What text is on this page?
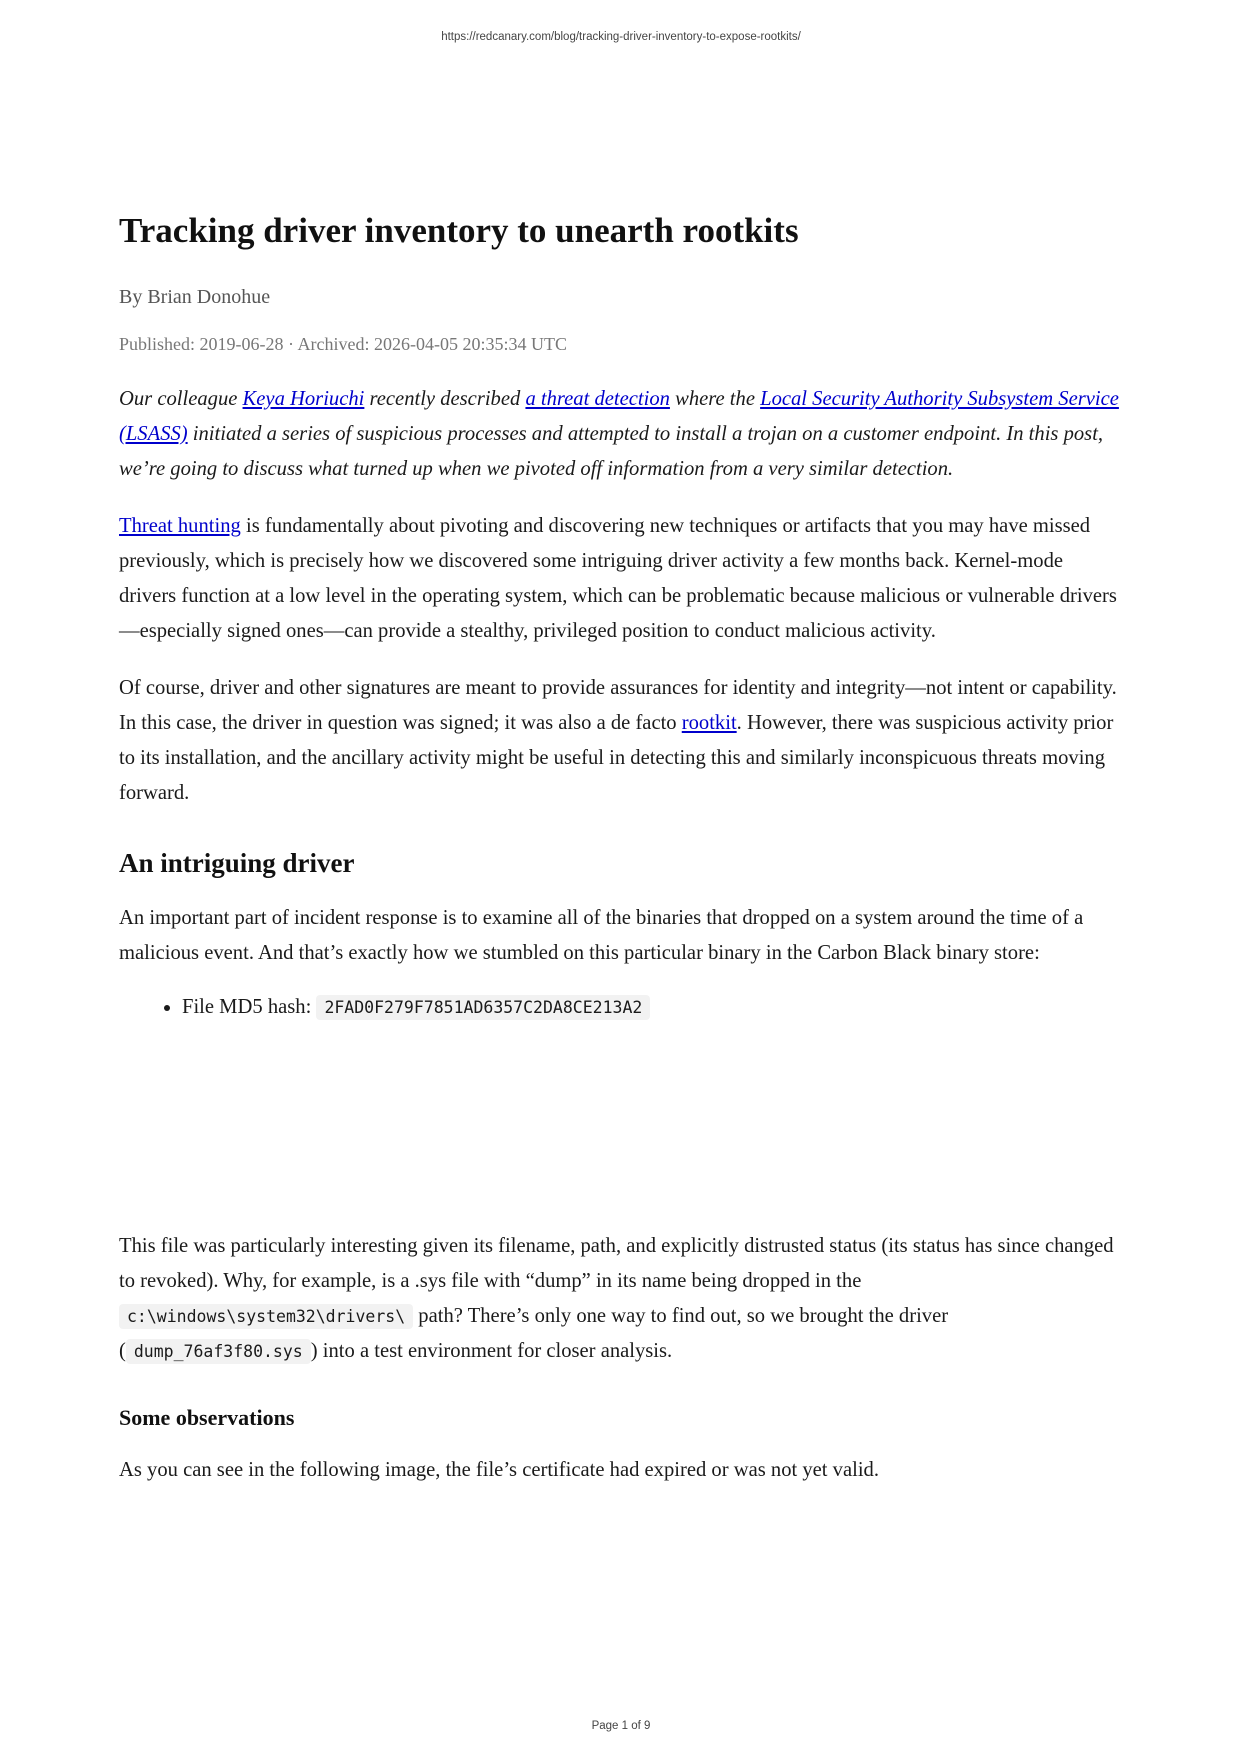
https://redcanary.com/blog/tracking-driver-inventory-to-expose-rootkits/
Tracking driver inventory to unearth rootkits
By Brian Donohue
Published: 2019-06-28 · Archived: 2026-04-05 20:35:34 UTC

Our colleague Keya Horiuchi recently described a threat detection where the Local Security Authority Subsystem Service (LSASS) initiated a series of suspicious processes and attempted to install a trojan on a customer endpoint. In this post, we’re going to discuss what turned up when we pivoted off information from a very similar detection.

Threat hunting is fundamentally about pivoting and discovering new techniques or artifacts that you may have missed previously, which is precisely how we discovered some intriguing driver activity a few months back. Kernel-mode drivers function at a low level in the operating system, which can be problematic because malicious or vulnerable drivers—especially signed ones—can provide a stealthy, privileged position to conduct malicious activity.

Of course, driver and other signatures are meant to provide assurances for identity and integrity—not intent or capability. In this case, the driver in question was signed; it was also a de facto rootkit. However, there was suspicious activity prior to its installation, and the ancillary activity might be useful in detecting this and similarly inconspicuous threats moving forward.

An intriguing driver

An important part of incident response is to examine all of the binaries that dropped on a system around the time of a malicious event. And that’s exactly how we stumbled on this particular binary in the Carbon Black binary store:

• File MD5 hash: 2FAD0F279F7851AD6357C2DA8CE213A2

This file was particularly interesting given its filename, path, and explicitly distrusted status (its status has since changed to revoked). Why, for example, is a .sys file with “dump” in its name being dropped in the c:\windows\system32\drivers\ path? There’s only one way to find out, so we brought the driver ( dump_76af3f80.sys ) into a test environment for closer analysis.

Some observations

As you can see in the following image, the file’s certificate had expired or was not yet valid.

Page 1 of 9
